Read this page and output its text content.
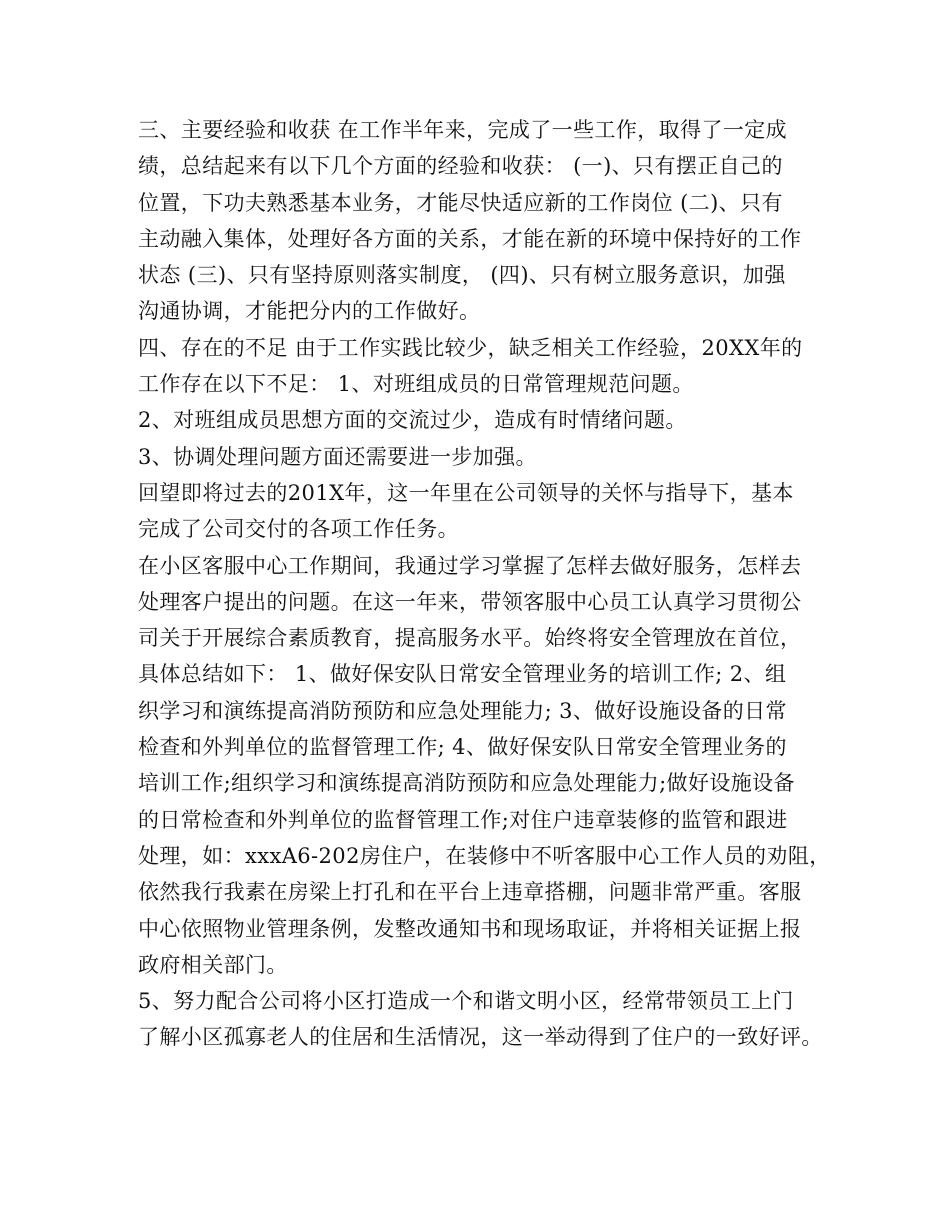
三、主要经验和收获 在工作半年来，完成了一些工作，取得了一定成
绩，总结起来有以下几个方面的经验和收获： (一)、只有摆正自己的
位置，下功夫熟悉基本业务，才能尽快适应新的工作岗位 (二)、只有
主动融入集体，处理好各方面的关系，才能在新的环境中保持好的工作
状态 (三)、只有坚持原则落实制度， (四)、只有树立服务意识，加强
沟通协调，才能把分内的工作做好。
四、存在的不足 由于工作实践比较少，缺乏相关工作经验，20XX年的
工作存在以下不足： 1、对班组成员的日常管理规范问题。
2、对班组成员思想方面的交流过少，造成有时情绪问题。
3、协调处理问题方面还需要进一步加强。
回望即将过去的201X年，这一年里在公司领导的关怀与指导下，基本
完成了公司交付的各项工作任务。
在小区客服中心工作期间，我通过学习掌握了怎样去做好服务，怎样去
处理客户提出的问题。在这一年来，带领客服中心员工认真学习贯彻公
司关于开展综合素质教育，提高服务水平。始终将安全管理放在首位，
具体总结如下： 1、做好保安队日常安全管理业务的培训工作; 2、组
织学习和演练提高消防预防和应急处理能力; 3、做好设施设备的日常
检查和外判单位的监督管理工作; 4、做好保安队日常安全管理业务的
培训工作;组织学习和演练提高消防预防和应急处理能力;做好设施设备
的日常检查和外判单位的监督管理工作;对住户违章装修的监管和跟进
处理，如：xxxA6-202房住户，在装修中不听客服中心工作人员的劝阻，
依然我行我素在房梁上打孔和在平台上违章搭棚，问题非常严重。客服
中心依照物业管理条例，发整改通知书和现场取证，并将相关证据上报
政府相关部门。
5、努力配合公司将小区打造成一个和谐文明小区，经常带领员工上门
了解小区孤寡老人的住居和生活情况，这一举动得到了住户的一致好评。
